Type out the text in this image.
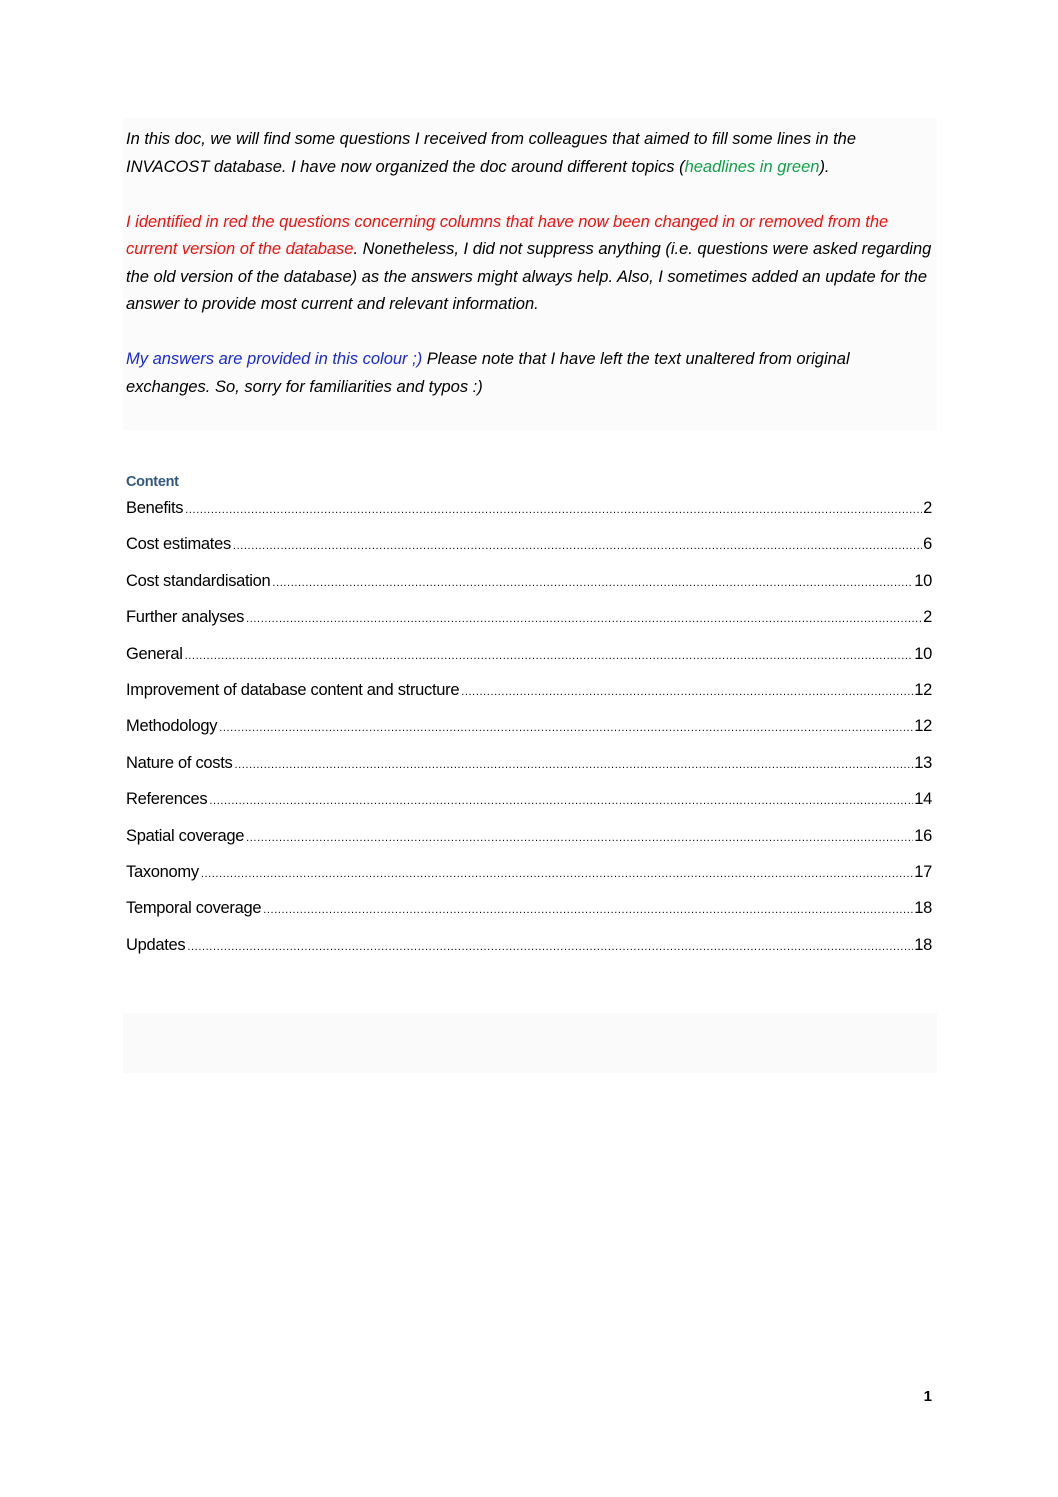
In this doc, we will find some questions I received from colleagues that aimed to fill some lines in the INVACOST database. I have now organized the doc around different topics (headlines in green).

I identified in red the questions concerning columns that have now been changed in or removed from the current version of the database. Nonetheless, I did not suppress anything (i.e. questions were asked regarding the old version of the database) as the answers might always help. Also, I sometimes added an update for the answer to provide most current and relevant information.

My answers are provided in this colour ;) Please note that I have left the text unaltered from original exchanges. So, sorry for familiarities and typos :)

Content
Benefits .....	2
Cost estimates .....	6
Cost standardisation .....	10
Further analyses .....	2
General .....	10
Improvement of database content and structure .....	12
Methodology .....	12
Nature of costs .....	13
References .....	14
Spatial coverage .....	16
Taxonomy .....	17
Temporal coverage .....	18
Updates .....	18

1
